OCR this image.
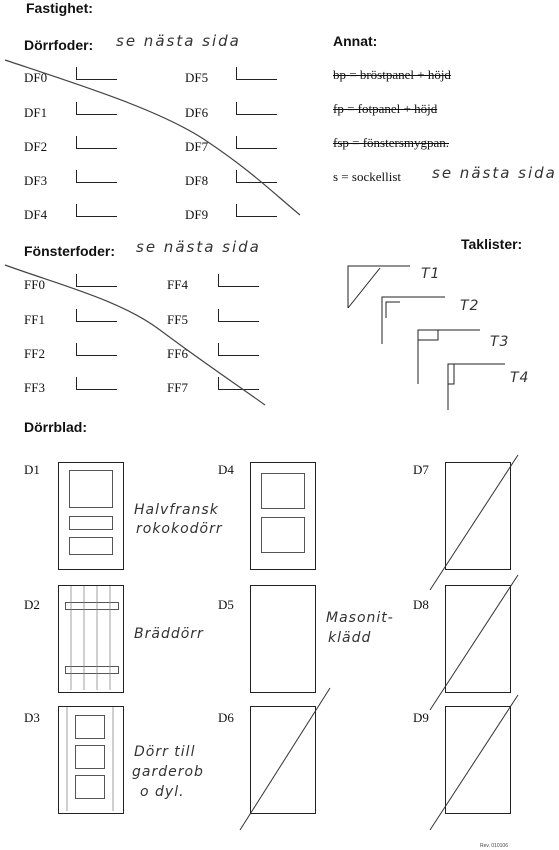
Fastighet:
Dörrfoder: se nästa sida
DF0
DF1
DF2
DF3
DF4
DF5
DF6
DF7
DF8
DF9
Annat:
bp = bröstpanel + höjd
fp = fotpanel + höjd
fsp = fönstersmygpan.
s = sockellist se nästa sida
Fönsterfoder: se nästa sida
FF0
FF1
FF2
FF3
FF4
FF5
FF6
FF7
Taklister:
T1
T2
T3
T4
Dörrblad:
D1
D2
D3
D4
D5
D6
D7
D8
D9
Halvfransk
rokokodörr
Bräddörr
Dörr till
garderob
o dyl.
Masonit-
klädd
Rev. 010106
